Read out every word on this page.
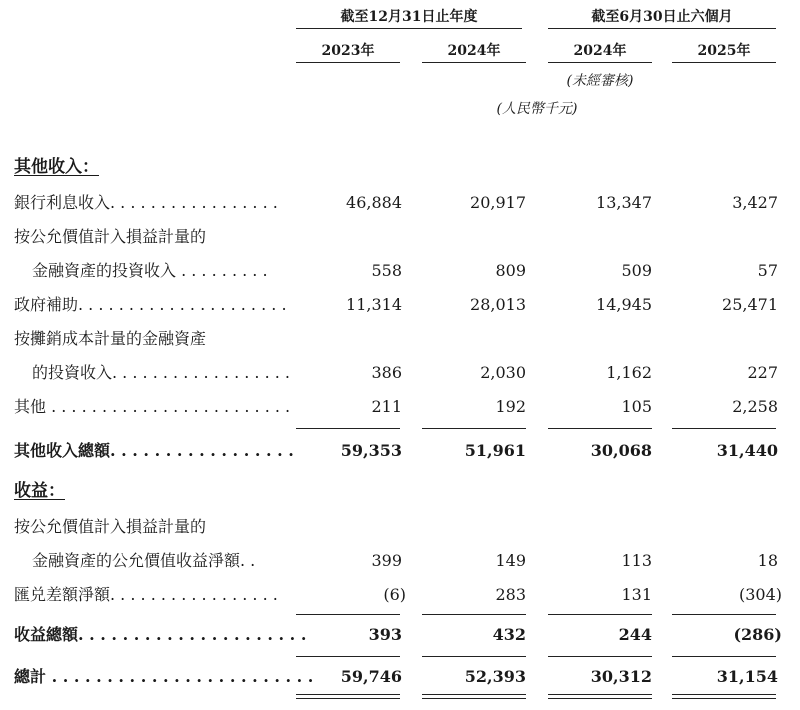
截至12月31日止年度	截至6月30日止六個月
2023年	2024年	2024年	2025年
(未經審核)
(人民幣千元)
其他收入：
銀行利息收入. . . . . . . . . . . . . . . . .	46,884	20,917	13,347	3,427
按公允價值計入損益計量的
金融資產的投資收入 . . . . . . . . .	558	809	509	57
政府補助. . . . . . . . . . . . . . . . . . . . .	11,314	28,013	14,945	25,471
按攤銷成本計量的金融資產
的投資收入. . . . . . . . . . . . . . . . . .	386	2,030	1,162	227
其他 . . . . . . . . . . . . . . . . . . . . . . . .	211	192	105	2,258
其他收入總額. . . . . . . . . . . . . . . . .	59,353	51,961	30,068	31,440
收益：
按公允價值計入損益計量的
金融資產的公允價值收益淨額. .	399	149	113	18
匯兑差額淨額. . . . . . . . . . . . . . . . .	(6)	283	131	(304)
收益總額. . . . . . . . . . . . . . . . . . . . .	393	432	244	(286)
總計 . . . . . . . . . . . . . . . . . . . . . . . . 59,746	52,393	30,312	31,154
